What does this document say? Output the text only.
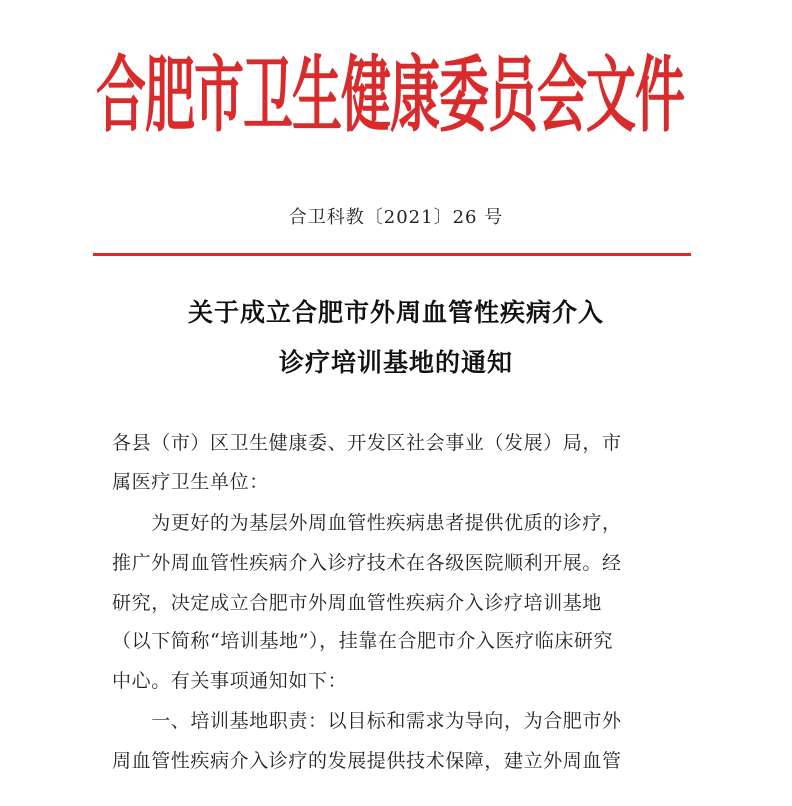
合肥市卫生健康委员会文件
合卫科教〔2021〕26 号
关于成立合肥市外周血管性疾病介入
诊疗培训基地的通知
各县（市）区卫生健康委、开发区社会事业（发展）局，市
属医疗卫生单位：
　　为更好的为基层外周血管性疾病患者提供优质的诊疗，
推广外周血管性疾病介入诊疗技术在各级医院顺利开展。经
研究，决定成立合肥市外周血管性疾病介入诊疗培训基地
（以下简称“培训基地”），挂靠在合肥市介入医疗临床研究
中心。有关事项通知如下：
　　一、培训基地职责：以目标和需求为导向，为合肥市外
周血管性疾病介入诊疗的发展提供技术保障，建立外周血管
